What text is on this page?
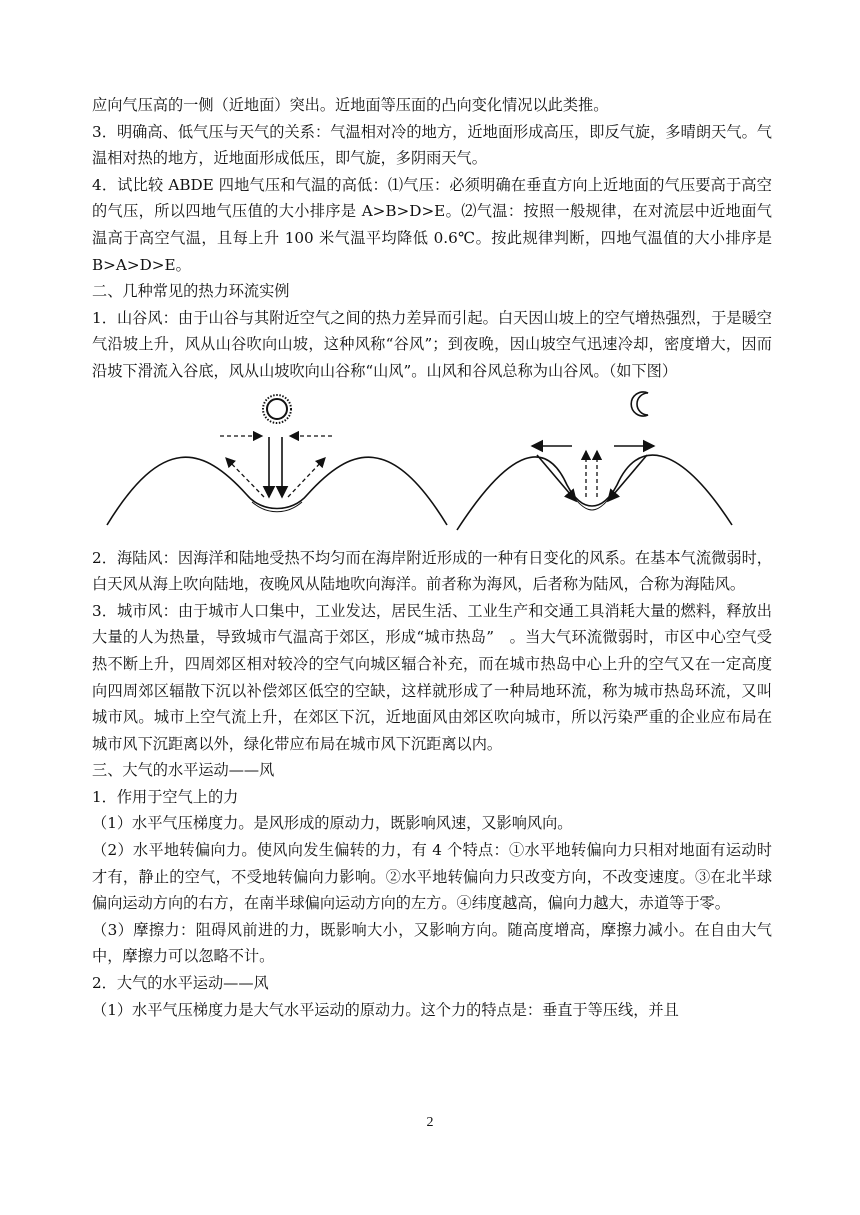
应向气压高的一侧（近地面）突出。近地面等压面的凸向变化情况以此类推。

3．明确高、低气压与天气的关系：气温相对冷的地方，近地面形成高压，即反气旋，多晴朗天气。气温相对热的地方，近地面形成低压，即气旋，多阴雨天气。

4．试比较 ABDE 四地气压和气温的高低：⑴气压：必须明确在垂直方向上近地面的气压要高于高空的气压，所以四地气压值的大小排序是 A>B>D>E。⑵气温：按照一般规律，在对流层中近地面气温高于高空气温，且每上升 100 米气温平均降低 0.6℃。按此规律判断，四地气温值的大小排序是 B>A>D>E。

二、几种常见的热力环流实例

1．山谷风：由于山谷与其附近空气之间的热力差异而引起。白天因山坡上的空气增热强烈，于是暖空气沿坡上升，风从山谷吹向山坡，这种风称“谷风”；到夜晚，因山坡空气迅速冷却，密度增大，因而沿坡下滑流入谷底，风从山坡吹向山谷称“山风”。山风和谷风总称为山谷风。（如下图）

2．海陆风：因海洋和陆地受热不均匀而在海岸附近形成的一种有日变化的风系。在基本气流微弱时，白天风从海上吹向陆地，夜晚风从陆地吹向海洋。前者称为海风，后者称为陆风，合称为海陆风。

3．城市风：由于城市人口集中，工业发达，居民生活、工业生产和交通工具消耗大量的燃料，释放出大量的人为热量，导致城市气温高于郊区，形成“城市热岛”　。当大气环流微弱时，市区中心空气受热不断上升，四周郊区相对较冷的空气向城区辐合补充，而在城市热岛中心上升的空气又在一定高度向四周郊区辐散下沉以补偿郊区低空的空缺，这样就形成了一种局地环流，称为城市热岛环流，又叫城市风。城市上空气流上升，在郊区下沉，近地面风由郊区吹向城市，所以污染严重的企业应布局在城市风下沉距离以外，绿化带应布局在城市风下沉距离以内。

三、大气的水平运动——风

1．作用于空气上的力

（1）水平气压梯度力。是风形成的原动力，既影响风速，又影响风向。

（2）水平地转偏向力。使风向发生偏转的力，有 4 个特点：①水平地转偏向力只相对地面有运动时才有，静止的空气，不受地转偏向力影响。②水平地转偏向力只改变方向，不改变速度。③在北半球偏向运动方向的右方，在南半球偏向运动方向的左方。④纬度越高，偏向力越大，赤道等于零。

（3）摩擦力：阻碍风前进的力，既影响大小，又影响方向。随高度增高，摩擦力减小。在自由大气中，摩擦力可以忽略不计。

2．大气的水平运动——风

（1）水平气压梯度力是大气水平运动的原动力。这个力的特点是：垂直于等压线，并且

2
